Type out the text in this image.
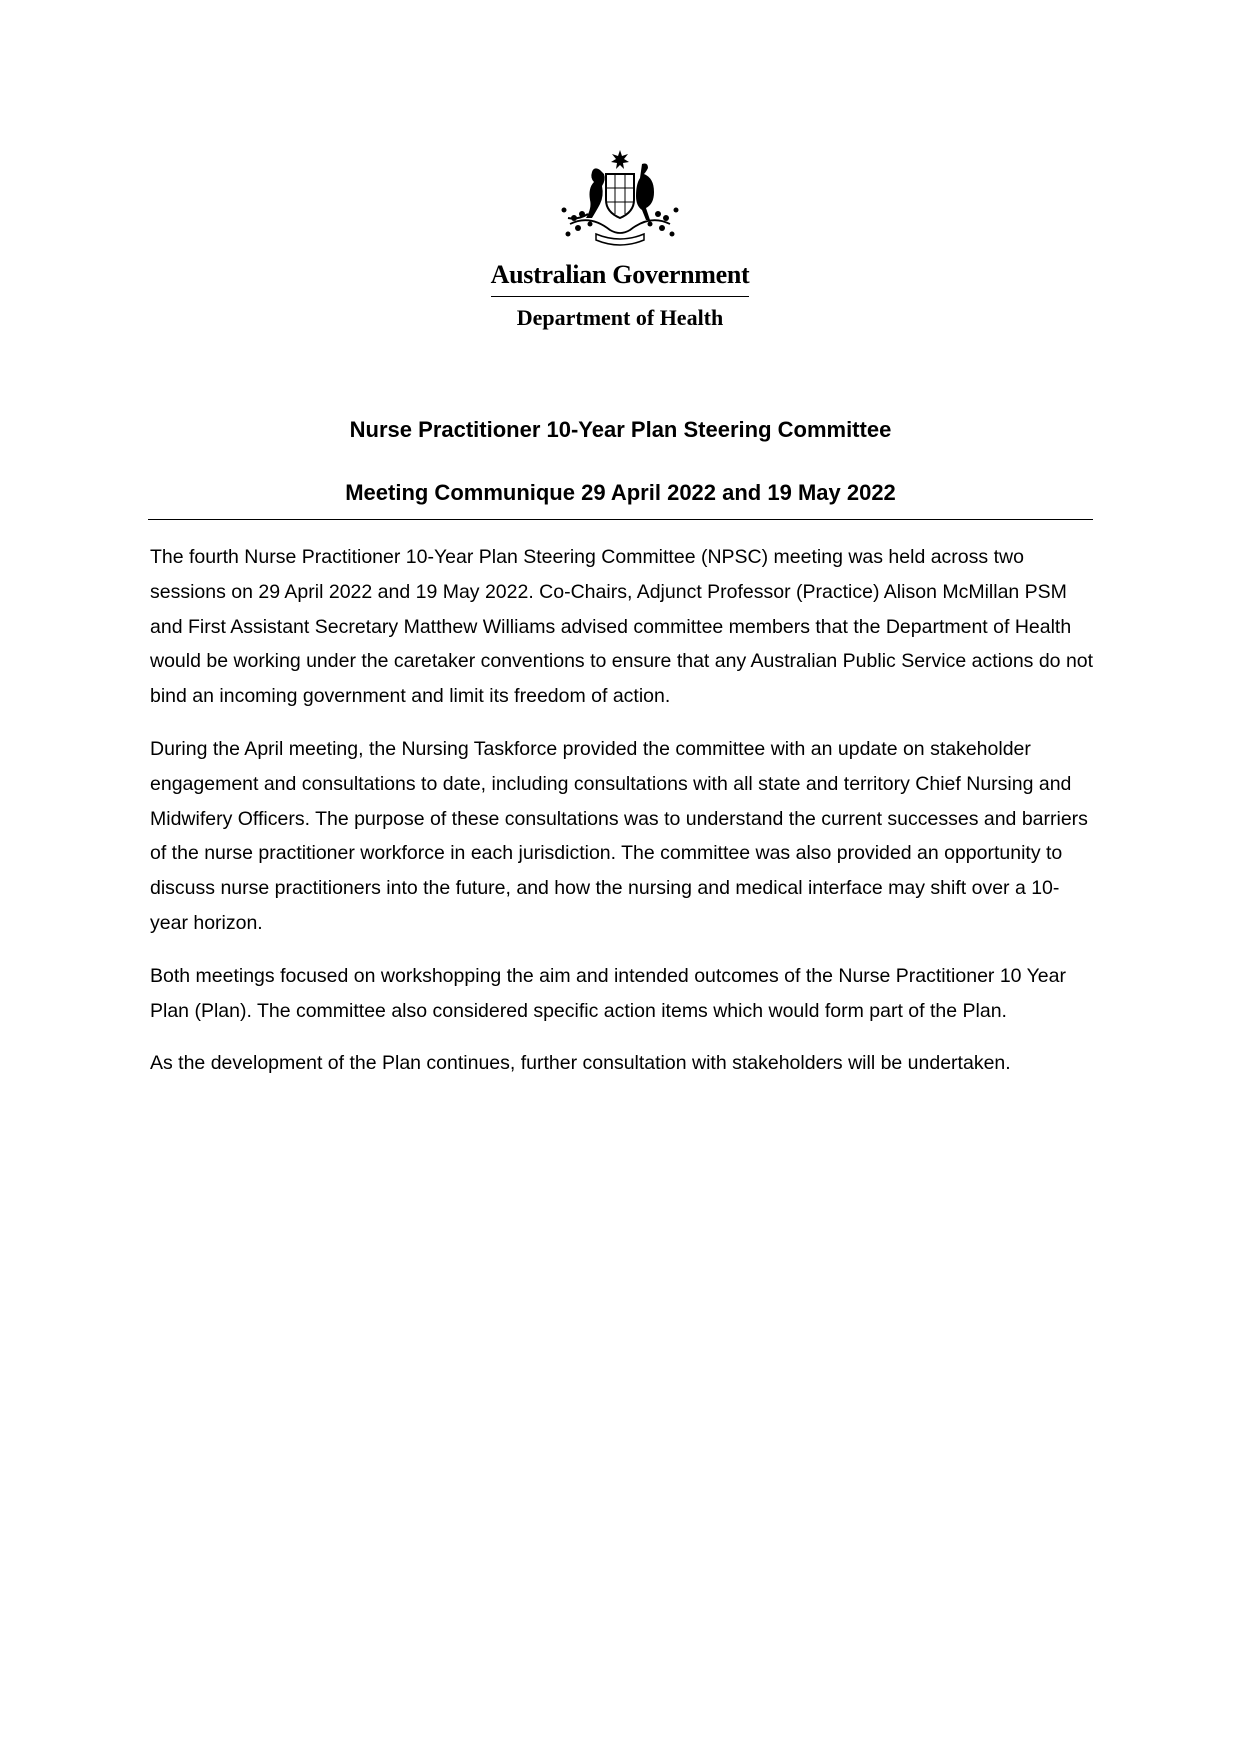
Australian Government
Department of Health
Nurse Practitioner 10-Year Plan Steering Committee
Meeting Communique 29 April 2022 and 19 May 2022

The fourth Nurse Practitioner 10-Year Plan Steering Committee (NPSC) meeting was held across two sessions on 29 April 2022 and 19 May 2022. Co-Chairs, Adjunct Professor (Practice) Alison McMillan PSM and First Assistant Secretary Matthew Williams advised committee members that the Department of Health would be working under the caretaker conventions to ensure that any Australian Public Service actions do not bind an incoming government and limit its freedom of action.

During the April meeting, the Nursing Taskforce provided the committee with an update on stakeholder engagement and consultations to date, including consultations with all state and territory Chief Nursing and Midwifery Officers. The purpose of these consultations was to understand the current successes and barriers of the nurse practitioner workforce in each jurisdiction. The committee was also provided an opportunity to discuss nurse practitioners into the future, and how the nursing and medical interface may shift over a 10-year horizon.

Both meetings focused on workshopping the aim and intended outcomes of the Nurse Practitioner 10 Year Plan (Plan). The committee also considered specific action items which would form part of the Plan.

As the development of the Plan continues, further consultation with stakeholders will be undertaken.
